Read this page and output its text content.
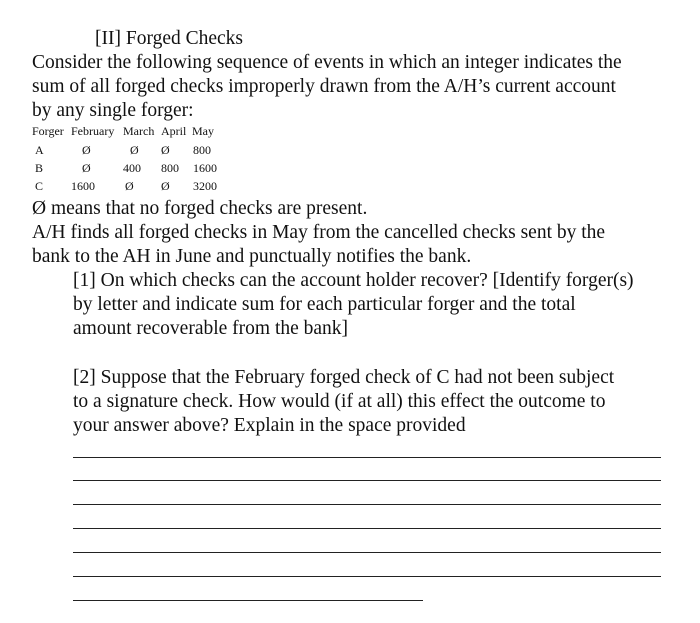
[II] Forged Checks
Consider the following sequence of events in which an integer indicates the
sum of all forged checks improperly drawn from the A/H’s current account
by any single forger:
Forger February March April May
A	Ø	Ø Ø 800
B	Ø	400 800 1600
C 1600	Ø Ø 3200
Ø means that no forged checks are present.
A/H finds all forged checks in May from the cancelled checks sent by the
bank to the AH in June and punctually notifies the bank.
[1] On which checks can the account holder recover? [Identify forger(s)
by letter and indicate sum for each particular forger and the total
amount recoverable from the bank]
[2] Suppose that the February forged check of C had not been subject
to a signature check. How would (if at all) this effect the outcome to
your answer above? Explain in the space provided
